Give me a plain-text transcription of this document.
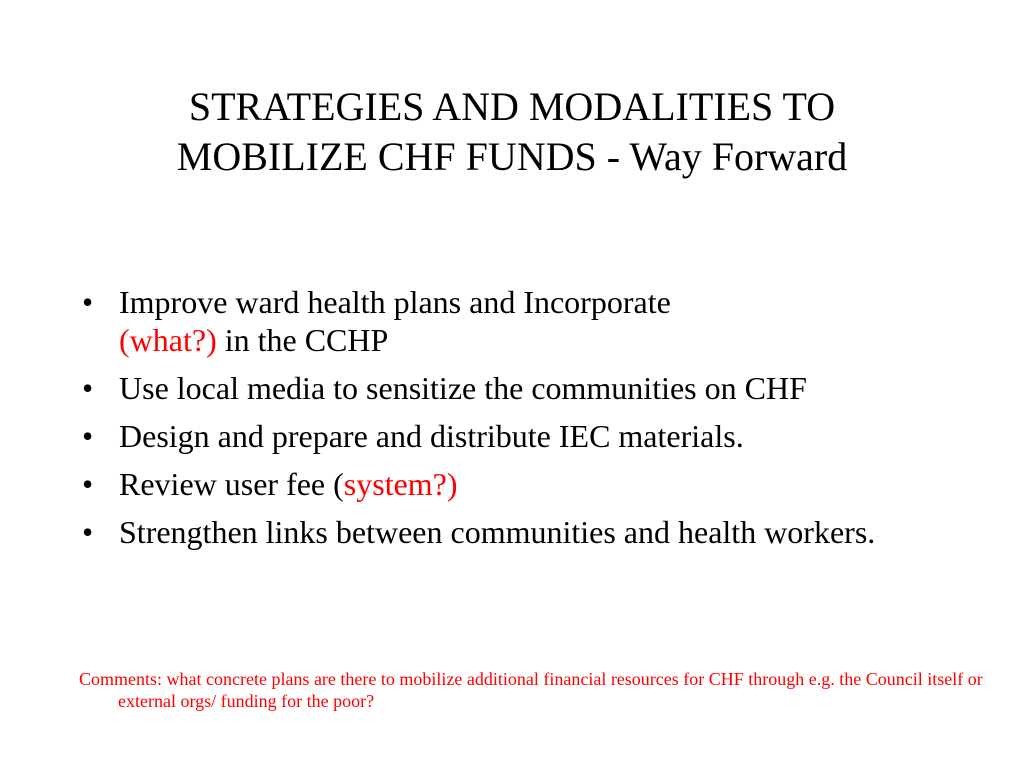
STRATEGIES AND MODALITIES TO
MOBILIZE CHF FUNDS - Way Forward
• Improve ward health plans and Incorporate
(what?) in the CCHP
• Use local media to sensitize the communities on CHF
• Design and prepare and distribute IEC materials.
• Review user fee (system?)
• Strengthen links between communities and health workers.

Comments: what concrete plans are there to mobilize additional financial resources for CHF through e.g. the Council itself or external orgs/ funding for the poor?
